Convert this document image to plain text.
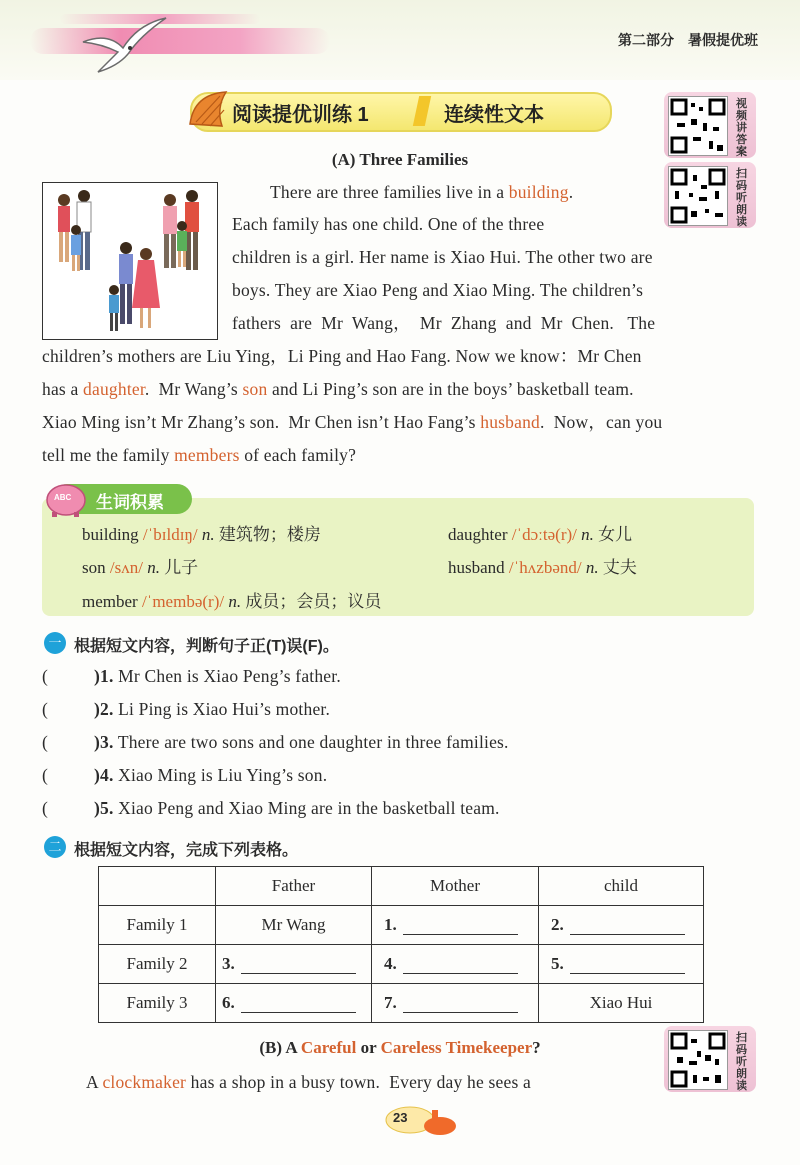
第二部分　暑假提优班
阅读提优训练 1	连续性文本	视频讲答案
扫码听朗读
(A) Three Families
There are three families live in a building.
Each family has one child. One of the three
children is a girl. Her name is Xiao Hui. The other two are
boys. They are Xiao Peng and Xiao Ming. The children’s
fathers  are  Mr  Wang，  Mr  Zhang  and  Mr  Chen.   The
children’s mothers are Liu Ying，Li Ping and Hao Fang. Now we know：Mr Chen
has a daughter.  Mr Wang’s son and Li Ping’s son are in the boys’ basketball team.
Xiao Ming isn’t Mr Zhang’s son.  Mr Chen isn’t Hao Fang’s husband.  Now，can you
tell me the family members of each family?
ABC 生词积累
building /ˈbɪldɪŋ/ n. 建筑物；楼房	daughter /ˈdɔːtə(r)/ n. 女儿
son /sʌn/ n. 儿子	husband /ˈhʌzbənd/ n. 丈夫
member /ˈmembə(r)/ n. 成员；会员；议员
一 根据短文内容，判断句子正(T)误(F)。
(	)1. Mr Chen is Xiao Peng’s father.
(	)2. Li Ping is Xiao Hui’s mother.
(	)3. There are two sons and one daughter in three families.
(	)4. Xiao Ming is Liu Ying’s son.
(	)5. Xiao Peng and Xiao Ming are in the basketball team.
二 根据短文内容，完成下列表格。
	Father	Mother	child
Family 1	Mr Wang	1.	2.
Family 2	3.	4.	5.
Family 3	6.	7.	Xiao Hui
(B) A Careful or Careless Timekeeper?
A clockmaker has a shop in a busy town.  Every day he sees a
扫码听朗读
23
